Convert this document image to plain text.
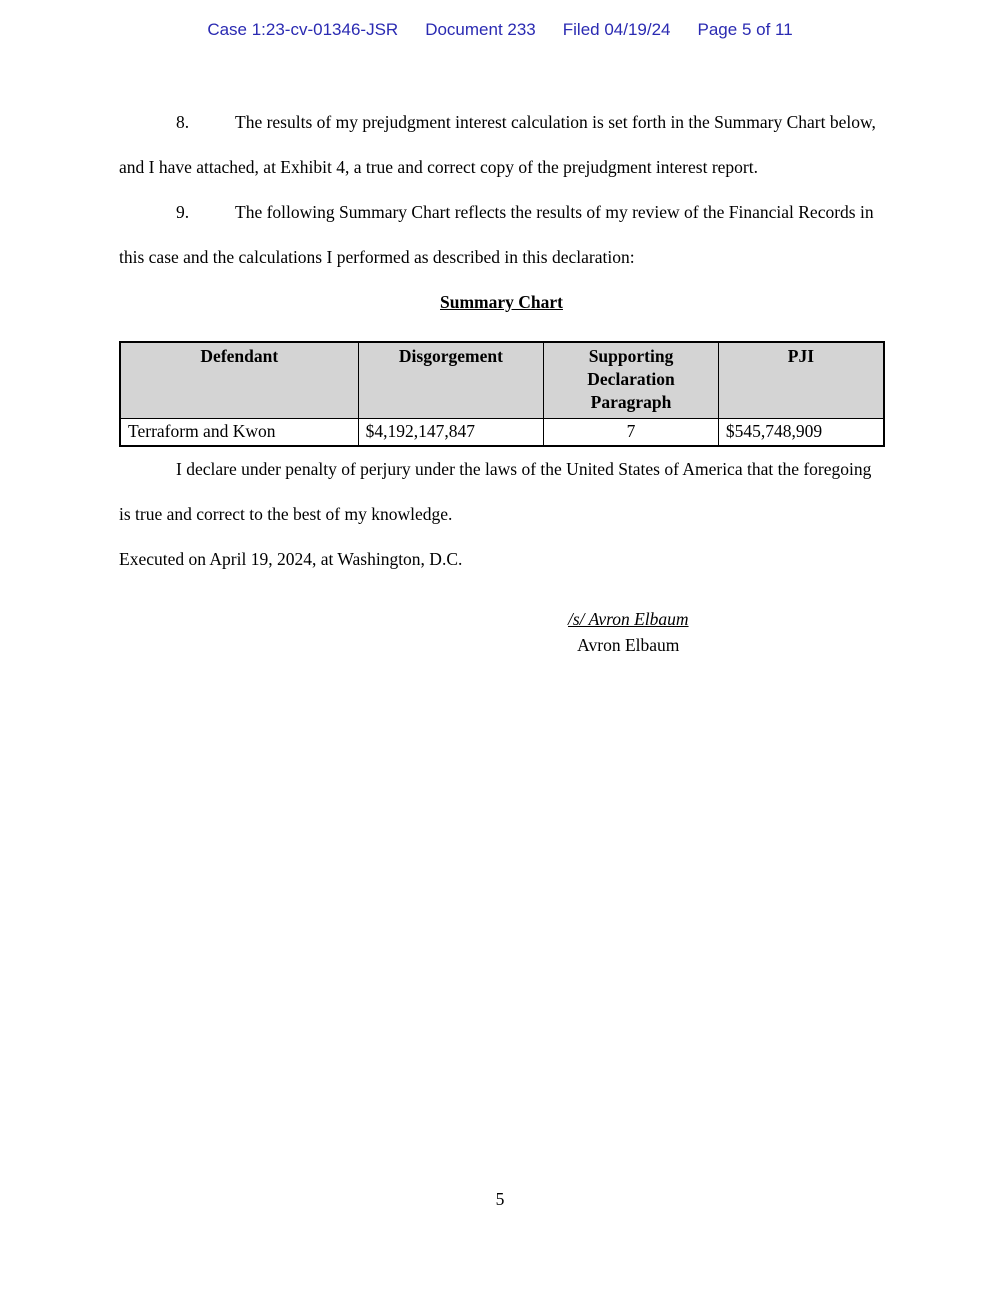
Case 1:23-cv-01346-JSR Document 233 Filed 04/19/24 Page 5 of 11

8.	The results of my prejudgment interest calculation is set forth in the Summary Chart below, and I have attached, at Exhibit 4, a true and correct copy of the prejudgment interest report.

9.	The following Summary Chart reflects the results of my review of the Financial Records in this case and the calculations I performed as described in this declaration:

Summary Chart
Defendant	Disgorgement	Supporting Declaration Paragraph	PJI
Terraform and Kwon	$4,192,147,847	7	$545,748,909

I declare under penalty of perjury under the laws of the United States of America that the foregoing is true and correct to the best of my knowledge.

Executed on April 19, 2024, at Washington, D.C.

/s/ Avron Elbaum
Avron Elbaum
5
